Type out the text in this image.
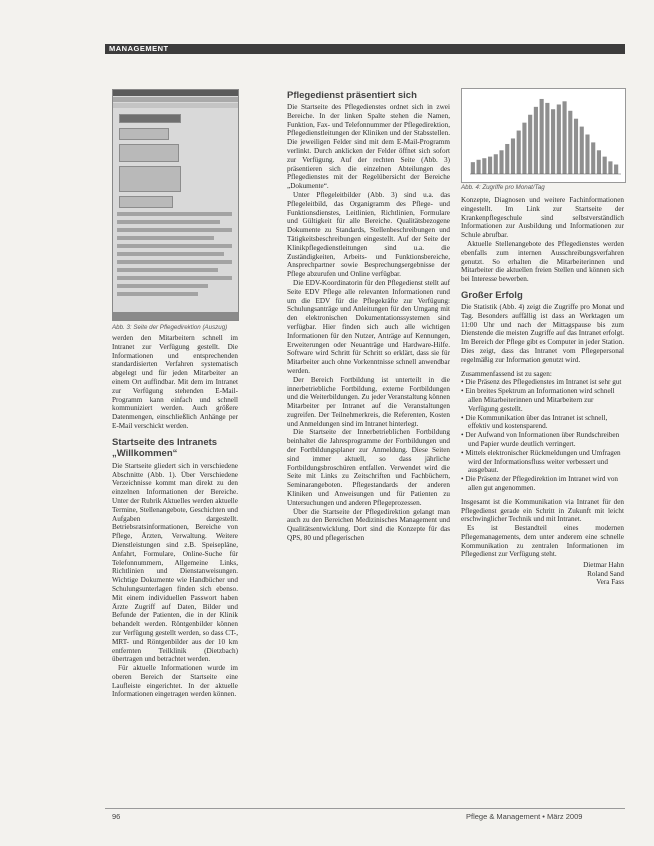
MANAGEMENT
Abb. 3: Seite der Pflegedirektion (Auszug)

werden den Mitarbeitern schnell im Intranet zur Verfügung gestellt. Die Informationen und entsprechenden standardisierten Verfahren systematisch abgelegt und für jeden Mitarbeiter an einem Ort auffindbar. Mit dem im Intranet zur Verfügung stehenden E-Mail-Programm kann einfach und schnell kommuniziert werden. Auch größere Datenmengen, einschließlich Anhänge per E-Mail verschickt werden.

Startseite des Intranets „Willkommen“

Die Startseite gliedert sich in verschiedene Abschnitte (Abb. 1). Über Verschiedene Verzeichnisse kommt man direkt zu den einzelnen Informationen der Bereiche. Unter der Rubrik Aktuelles werden aktuelle Termine, Stellenangebote, Geschichten und Aufgaben dargestellt. Betriebsratsinformationen, Bereiche von Pflege, Ärzten, Verwaltung. Weitere Dienstleistungen sind z.B. Speisepläne, Anfahrt, Formulare, Online-Suche für Telefonnummern, Allgemeine Links, Richtlinien und Dienstanweisungen. Wichtige Dokumente wie Handbücher und Schulungsunterlagen finden sich ebenso. Mit einem individuellen Passwort haben Ärzte Zugriff auf Daten, Bilder und Befunde der Patienten, die in der Klinik behandelt werden. Röntgenbilder können zur Verfügung gestellt werden, so dass CT-, MRT- und Röntgenbilder aus der 10 km entfernten Teilklinik (Dietzbach) übertragen und betrachtet werden.

Für aktuelle Informationen wurde im oberen Bereich der Startseite eine Laufleiste eingerichtet. In der aktuelle Informationen eingetragen werden können.

Pflegedienst präsentiert sich

Die Startseite des Pflegedienstes ordnet sich in zwei Bereiche. In der linken Spalte stehen die Namen, Funktion, Fax- und Telefonnummer der Pflegedirektion, Pflegedienstleitungen der Kliniken und der Stabsstellen. Die jeweiligen Felder sind mit dem E-Mail-Programm verlinkt. Durch anklicken der Felder öffnet sich sofort zur Verfügung. Auf der rechten Seite (Abb. 3) präsentieren sich die einzelnen Abteilungen des Pflegedienstes mit der Regelübersicht der Bereiche „Dokumente“.

Unter Pflegeleitbilder (Abb. 3) sind u.a. das Pflegeleitbild, das Organigramm des Pflege- und Funktionsdienstes, Leitlinien, Richtlinien, Formulare und Gültigkeit für alle Bereiche. Qualitätsbezogene Dokumente zu Standards, Stellenbeschreibungen und Tätigkeitsbeschreibungen eingestellt. Auf der Seite der Klinikpflegedienstleitungen sind u.a. die Zuständigkeiten, Arbeits- und Funktionsbereiche, Ansprechpartner sowie Besprechungsergebnisse der Pflege abzurufen und Online verfügbar.

Die EDV-Koordinatorin für den Pflegedienst stellt auf Seite EDV Pflege alle relevanten Informationen rund um die EDV für die Pflegekräfte zur Verfügung: Schulungsanträge und Anleitungen für den Umgang mit den elektronischen Dokumentationssystemen sind verfügbar. Hier finden sich auch alle wichtigen Informationen für den Nutzer, Anträge auf Kennungen, Erweiterungen oder Neuanträge und Hardware-Hilfe. Software wird Schritt für Schritt so erklärt, dass sie für Mitarbeiter auch ohne Vorkenntnisse schnell anwendbar werden.

Der Bereich Fortbildung ist unterteilt in die innerbetriebliche Fortbildung, externe Fortbildungen und die Weiterbildungen. Zu jeder Veranstaltung können Mitarbeiter per Intranet auf die Veranstaltungen zugreifen. Der Teilnehmerkreis, die Referenten, Kosten und Anmeldungen sind im Intranet hinterlegt.

Die Startseite der Innerbetrieblichen Fortbildung beinhaltet die Jahresprogramme der Fortbildungen und der Fortbildungsplaner zur Anmeldung. Diese Seiten sind immer aktuell, so dass jährliche Fortbildungsbroschüren entfallen. Verwendet wird die Seite mit Links zu Zeitschriften und Fachbüchern, Seminarangeboten. Pflegestandards der anderen Kliniken und Anweisungen und für Patienten zu Untersuchungen und anderen Pflegeprozessen.

Über die Startseite der Pflegedirektion gelangt man auch zu den Bereichen Medizinisches Management und Qualitätsentwicklung. Dort sind die Konzepte für das QPS, 80 und pflegerischen

Abb. 4: Zugriffe pro Monat/Tag

Konzepte, Diagnosen und weitere Fachinformationen eingestellt. Im Link zur Startseite der Krankenpflegeschule sind selbstverständlich Informationen zur Ausbildung und Informationen zur Schule abrufbar.

Aktuelle Stellenangebote des Pflegedienstes werden ebenfalls zum internen Ausschreibungsverfahren genutzt. So erhalten die Mitarbeiterinnen und Mitarbeiter die aktuellen freien Stellen und können sich bei Interesse bewerben.

Großer Erfolg

Die Statistik (Abb. 4) zeigt die Zugriffe pro Monat und Tag. Besonders auffällig ist dass an Werktagen um 11:00 Uhr und nach der Mittagspause bis zum Dienstende die meisten Zugriffe auf das Intranet erfolgt. Im Bereich der Pflege gibt es Computer in jeder Station. Dies zeigt, dass das Intranet vom Pflegepersonal regelmäßig zur Information genutzt wird.

Zusammenfassend ist zu sagen:

• Die Präsenz des Pflegedienstes im Intranet ist sehr gut
• Ein breites Spektrum an Informationen wird schnell allen Mitarbeiterinnen und Mitarbeitern zur Verfügung gestellt.
• Die Kommunikation über das Intranet ist schnell, effektiv und kostensparend.
• Der Aufwand von Informationen über Rundschreiben und Papier wurde deutlich verringert.
• Mittels elektronischer Rückmeldungen und Umfragen wird der Informationsfluss weiter verbessert und ausgebaut.
• Die Präsenz der Pflegedirektion im Intranet wird von allen gut angenommen.

Insgesamt ist die Kommunikation via Intranet für den Pflegedienst gerade ein Schritt in Zukunft mit leicht erschwinglicher Technik und mit Intranet.

Es ist Bestandteil eines modernen Pflegemanagements, dem unter anderem eine schnelle Kommunikation zu zentralen Informationen im Pflegedienst zur Verfügung steht.

Dietmar Hahn
Roland Sand
Vera Fass
96	Pflege & Management • März 2009
